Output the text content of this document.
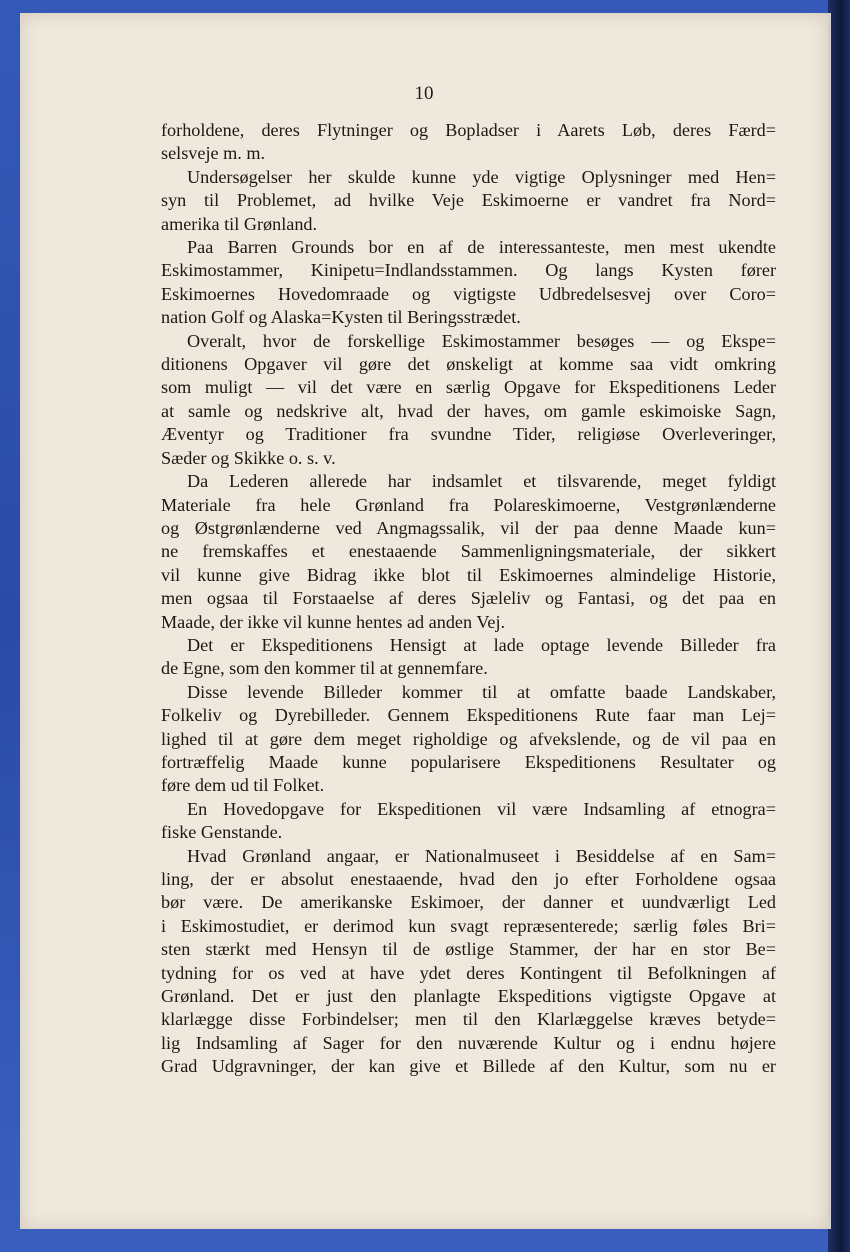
10
forholdene, deres Flytninger og Bopladser i Aarets Løb, deres Færd=
selsveje m. m.
Undersøgelser her skulde kunne yde vigtige Oplysninger med Hen=
syn til Problemet, ad hvilke Veje Eskimoerne er vandret fra Nord=
amerika til Grønland.
Paa Barren Grounds bor en af de interessanteste, men mest ukendte
Eskimostammer, Kinipetu=Indlandsstammen. Og langs Kysten fører
Eskimoernes Hovedomraade og vigtigste Udbredelsesvej over Coro=
nation Golf og Alaska=Kysten til Beringsstrædet.
Overalt, hvor de forskellige Eskimostammer besøges — og Ekspe=
ditionens Opgaver vil gøre det ønskeligt at komme saa vidt omkring
som muligt — vil det være en særlig Opgave for Ekspeditionens Leder
at samle og nedskrive alt, hvad der haves, om gamle eskimoiske Sagn,
Æventyr og Traditioner fra svundne Tider, religiøse Overleveringer,
Sæder og Skikke o. s. v.
Da Lederen allerede har indsamlet et tilsvarende, meget fyldigt
Materiale fra hele Grønland fra Polareskimoerne, Vestgrønlænderne
og Østgrønlænderne ved Angmagssalik, vil der paa denne Maade kun=
ne fremskaffes et enestaaende Sammenligningsmateriale, der sikkert
vil kunne give Bidrag ikke blot til Eskimoernes almindelige Historie,
men ogsaa til Forstaaelse af deres Sjæleliv og Fantasi, og det paa en
Maade, der ikke vil kunne hentes ad anden Vej.
Det er Ekspeditionens Hensigt at lade optage levende Billeder fra
de Egne, som den kommer til at gennemfare.
Disse levende Billeder kommer til at omfatte baade Landskaber,
Folkeliv og Dyrebilleder. Gennem Ekspeditionens Rute faar man Lej=
lighed til at gøre dem meget righoldige og afvekslende, og de vil paa en
fortræffelig Maade kunne popularisere Ekspeditionens Resultater og
føre dem ud til Folket.
En Hovedopgave for Ekspeditionen vil være Indsamling af etnogra=
fiske Genstande.
Hvad Grønland angaar, er Nationalmuseet i Besiddelse af en Sam=
ling, der er absolut enestaaende, hvad den jo efter Forholdene ogsaa
bør være. De amerikanske Eskimoer, der danner et uundværligt Led
i Eskimostudiet, er derimod kun svagt repræsenterede; særlig føles Bri=
sten stærkt med Hensyn til de østlige Stammer, der har en stor Be=
tydning for os ved at have ydet deres Kontingent til Befolkningen af
Grønland. Det er just den planlagte Ekspeditions vigtigste Opgave at
klarlægge disse Forbindelser; men til den Klarlæggelse kræves betyde=
lig Indsamling af Sager for den nuværende Kultur og i endnu højere
Grad Udgravninger, der kan give et Billede af den Kultur, som nu er
